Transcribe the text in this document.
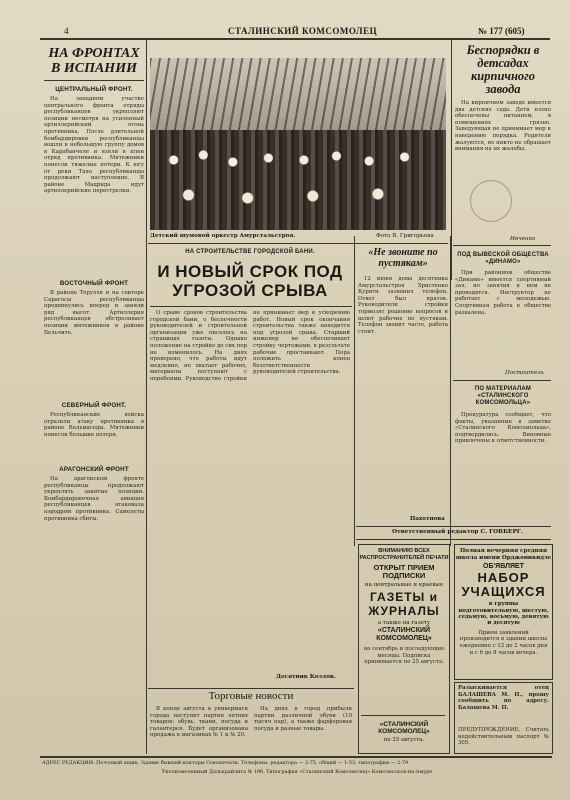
4	СТАЛИНСКИЙ КОМСОМОЛЕЦ	№ 177 (605)
НА ФРОНТАХ
В ИСПАНИИ
ЦЕНТРАЛЬНЫЙ ФРОНТ.

На западном участке центрального фронта отряды республиканцев укрепляют позиции несмотря на усиленный артиллерийский огонь противника. После длительной бомбардировки республиканцы вошли в небольшую группу домов в Карабанчеле и взяли в плен отряд противника. Мятежники понесли тяжелые потери. К югу от реки Тахо республиканцы продолжают наступление. В районе Мадрида идут артиллерийские перестрелки.

ВОСТОЧНЫЙ ФРОНТ

В районе Теруэля и на секторе Сарагосы республиканцы продвинулись вперед и заняли ряд высот. Артиллерия республиканцев обстреливает позиции мятежников в районе Бельчите.

СЕВЕРНЫЙ ФРОНТ.

Республиканские войска отразили атаку противника в районе Вальмаседы. Мятежники понесли большие потери.

АРАГОНСКИЙ ФРОНТ

На арагонском фронте республиканцы продолжают укреплять занятые позиции. Бомбардировочная авиация республиканцев атаковала аэродром противника. Самолеты противника сбиты.

Детский шумовой оркестр Амурстальстроя.	Фото В. Григорьева
Беспорядки в детсадах кирпичного завода

На кирпичном заводе имеется два детских сада. Дети плохо обеспечены питанием, в помещениях грязно. Заведующая не принимает мер к наведению порядка. Родители жалуются, но никто не обращает внимания на их жалобы.

Ивченко
НА СТРОИТЕЛЬСТВЕ ГОРОДСКОЙ БАНИ.
И НОВЫЙ СРОК ПОД УГРОЗОЙ СРЫВА

О срыве сроков строительства городской бани, о беспечности руководителей и строительной организации уже писалось на страницах газеты. Однако положение на стройке до сих пор не изменилось. На днях проверено, что работы идут медленно, не хватает рабочих, материалы поступают с перебоями. Руководство стройки не принимает мер к ускорению работ. Новый срок окончания строительства также находится под угрозой срыва. Старший инженер не обеспечивает стройку чертежами, в результате рабочие простаивают. Пора положить конец безответственности руководителей строительства.

Десятник Козлов.
«Не звоните по пустякам»

12 июня дома десятника Амурстальстроя Христенко Куряги зазвонил телефон. Ответ был краток. Руководители стройки тормозят решение вопросов и шлют рабочих по пустякам. Телефон звонит часто, работа стоит.

Пахотнова
ПОД ВЫВЕСКОЙ ОБЩЕСТВА «ДИНАМО»

При районном обществе «Динамо» имеется спортивный зал, но занятия в нем не проводятся. Инструктор не работает с молодежью. Спортивная работа в обществе развалена.

Постоитель
ПО МАТЕРИАЛАМ «СТАЛИНСКОГО КОМСОМОЛЬЦА»

Прокуратура сообщает, что факты, указанные в заметке «Сталинского Комсомольца», подтвердились. Виновные привлечены к ответственности.

Ответственный редактор С. ГОВБЕРГ.
Торговые новости

В конце августа в универмаги города поступит партия летних товаров: обувь, ткани, посуда и галантерея. Будет организована продажа в магазинах № 1 и № 20.

На днях в город прибыли партии различной обуви (10 тысяч пар), а также фарфоровая посуда и разные товары.

ВНИМАНИЮ ВСЕХ РАСПРОСТРАНИТЕЛЕЙ ПЕЧАТИ
ОТКРЫТ ПРИЕМ ПОДПИСКИ
на центральные и краевые
ГАЗЕТЫ и ЖУРНАЛЫ
а также на газету
«СТАЛИНСКИЙ КОМСОМОЛЕЦ»
на сентябрь и последующие месяцы. Подписка принимается по 25 августа.
«СТАЛИНСКИЙ КОМСОМОЛЕЦ»
по 25 августа.
Полная вечерняя средняя школа имени Орджоникидзе
ОБ'ЯВЛЯЕТ
НАБОР УЧАЩИХСЯ
в группы подготовительную, шестую, седьмую, восьмую, девятую и десятую
Прием заявлений производится в здании школы ежедневно с 12 до 2 часов дня и с 6 до 8 часов вечера.
Разыскивается отец БАЛАШЕВА М. П., прошу сообщить по адресу. Балашева М. П.
ПРЕДУПРЕЖДЕНИЕ. Считать недействительным паспорт № 305.
АДРЕС РЕДАКЦИИ: Почтовый ящик. Здание бывшей конторы Союзпечати. Телефоны: редактора — 2-75, общий — 1-53, типография — 2-79
Уполномоченный Далькрайлита № 196. Типография «Сталинский Комсомолец» Комсомольск-на-Амуре
